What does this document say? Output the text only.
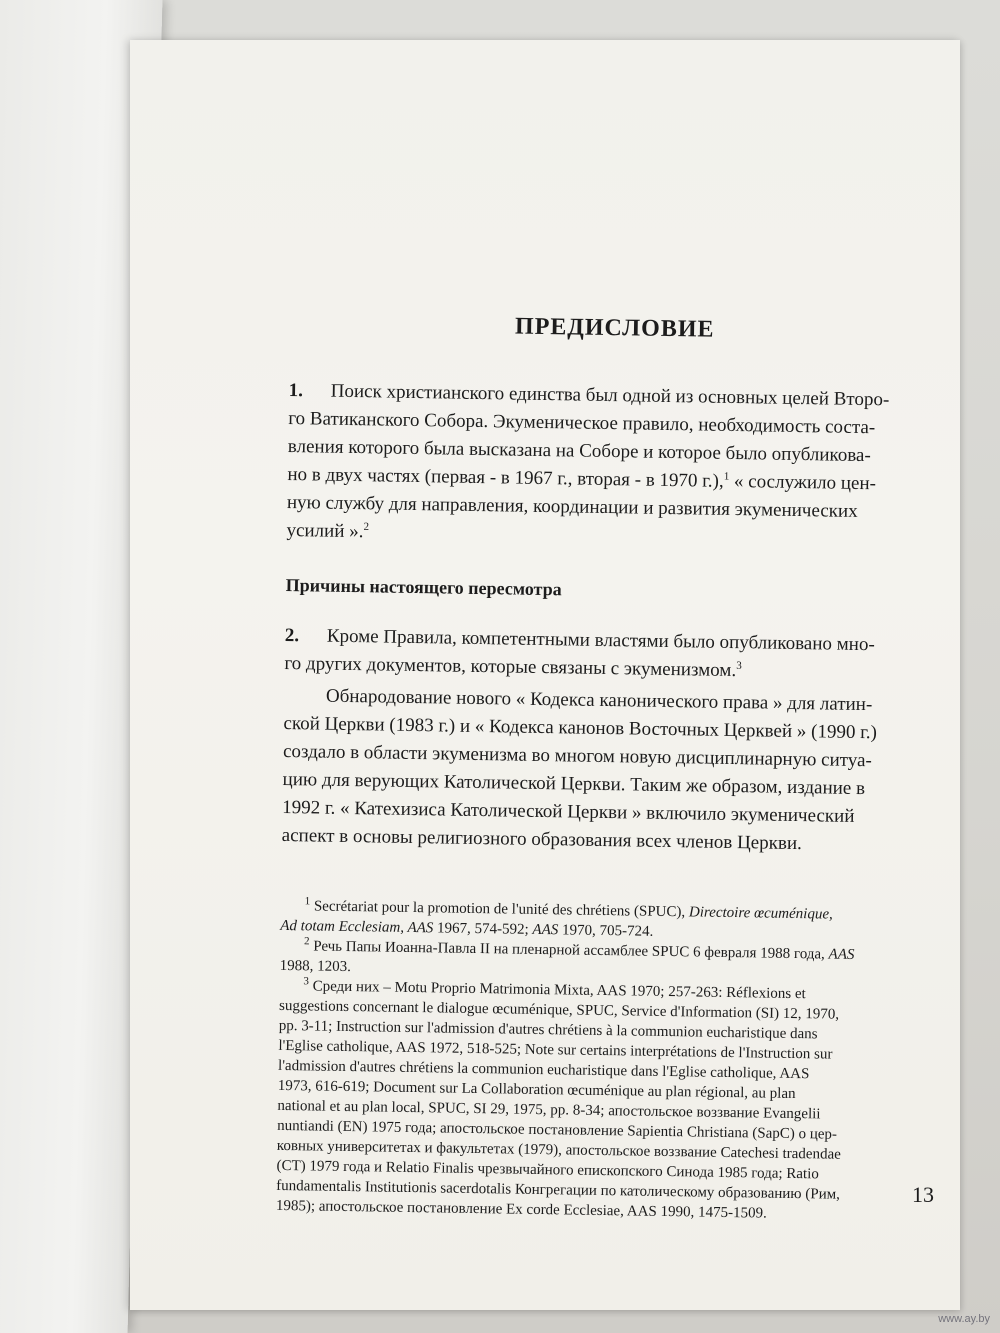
ПРЕДИСЛОВИЕ
1. Поиск христианского единства был одной из основных целей Второ-
го Ватиканского Собора. Экуменическое правило, необходимость соста-
вления которого была высказана на Соборе и которое было опубликова-
но в двух частях (первая - в 1967 г., вторая - в 1970 г.),$^1$ « сослужило цен-
ную службу для направления, координации и развития экуменических
усилий ».$^2$
Причины настоящего пересмотра
2. Кроме Правила, компетентными властями было опубликовано мно-
го других документов, которые связаны с экуменизмом.$^3$
Обнародование нового « Кодекса канонического права » для латин-
ской Церкви (1983 г.) и « Кодекса канонов Восточных Церквей » (1990 г.)
создало в области экуменизма во многом новую дисциплинарную ситуа-
цию для верующих Католической Церкви. Таким же образом, издание в
1992 г. « Катехизиса Католической Церкви » включило экуменический
аспект в основы религиозного образования всех членов Церкви.
$^1$ Secrétariat pour la promotion de l'unité des chrétiens (SPUC), Directoire œcuménique,
Ad totam Ecclesiam, AAS 1967, 574-592; AAS 1970, 705-724.
$^2$ Речь Папы Иоанна-Павла II на пленарной ассамблее SPUC 6 февраля 1988 года, AAS
1988, 1203.
$^3$ Среди них – Motu Proprio Matrimonia Mixta, AAS 1970; 257-263: Réflexions et
suggestions concernant le dialogue œcuménique, SPUC, Service d'Information (SI) 12, 1970,
pp. 3-11; Instruction sur l'admission d'autres chrétiens à la communion eucharistique dans
l'Eglise catholique, AAS 1972, 518-525; Note sur certains interprétations de l'Instruction sur
l'admission d'autres chrétiens la communion eucharistique dans l'Eglise catholique, AAS
1973, 616-619; Document sur La Collaboration œcuménique au plan régional, au plan
national et au plan local, SPUC, SI 29, 1975, pp. 8-34; апостольское воззвание Evangelii
nuntiandi (EN) 1975 года; апостольское постановление Sapientia Christiana (SapC) о цер-
ковных университетах и факультетах (1979), апостольское воззвание Catechesi tradendae
(CT) 1979 года и Relatio Finalis чрезвычайного епископского Синода 1985 года; Ratio
fundamentalis Institutionis sacerdotalis Конгрегации по католическому образованию (Рим,
1985); апостольское постановление Ex corde Ecclesiae, AAS 1990, 1475-1509.
13
www.ay.by
